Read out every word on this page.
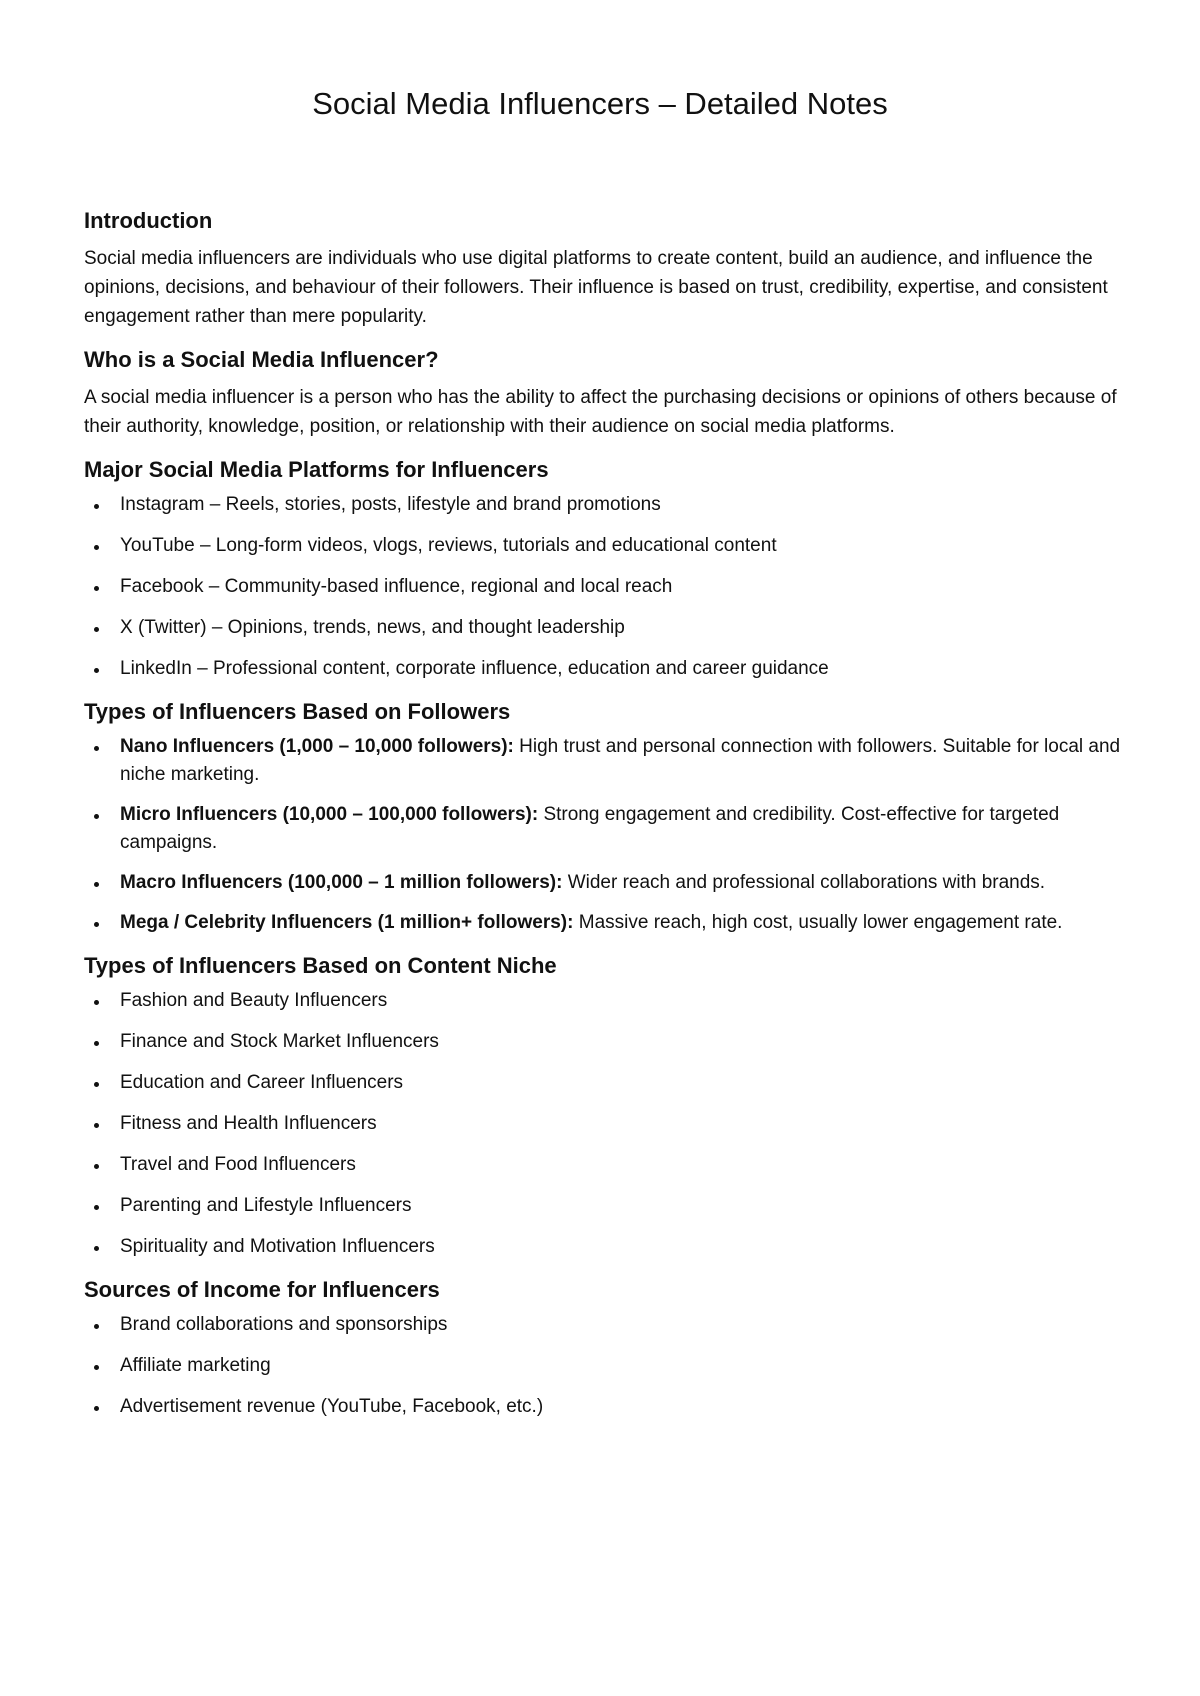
Social Media Influencers – Detailed Notes
Introduction

Social media influencers are individuals who use digital platforms to create content, build an audience, and influence the opinions, decisions, and behaviour of their followers. Their influence is based on trust, credibility, expertise, and consistent engagement rather than mere popularity.

Who is a Social Media Influencer?

A social media influencer is a person who has the ability to affect the purchasing decisions or opinions of others because of their authority, knowledge, position, or relationship with their audience on social media platforms.

Major Social Media Platforms for Influencers
Instagram – Reels, stories, posts, lifestyle and brand promotions
YouTube – Long-form videos, vlogs, reviews, tutorials and educational content
Facebook – Community-based influence, regional and local reach
X (Twitter) – Opinions, trends, news, and thought leadership
LinkedIn – Professional content, corporate influence, education and career guidance
Types of Influencers Based on Followers
Nano Influencers (1,000 – 10,000 followers): High trust and personal connection with followers. Suitable for local and niche marketing.
Micro Influencers (10,000 – 100,000 followers): Strong engagement and credibility. Cost-effective for targeted campaigns.
Macro Influencers (100,000 – 1 million followers): Wider reach and professional collaborations with brands.
Mega / Celebrity Influencers (1 million+ followers): Massive reach, high cost, usually lower engagement rate.
Types of Influencers Based on Content Niche
Fashion and Beauty Influencers
Finance and Stock Market Influencers
Education and Career Influencers
Fitness and Health Influencers
Travel and Food Influencers
Parenting and Lifestyle Influencers
Spirituality and Motivation Influencers
Sources of Income for Influencers
Brand collaborations and sponsorships
Affiliate marketing
Advertisement revenue (YouTube, Facebook, etc.)
